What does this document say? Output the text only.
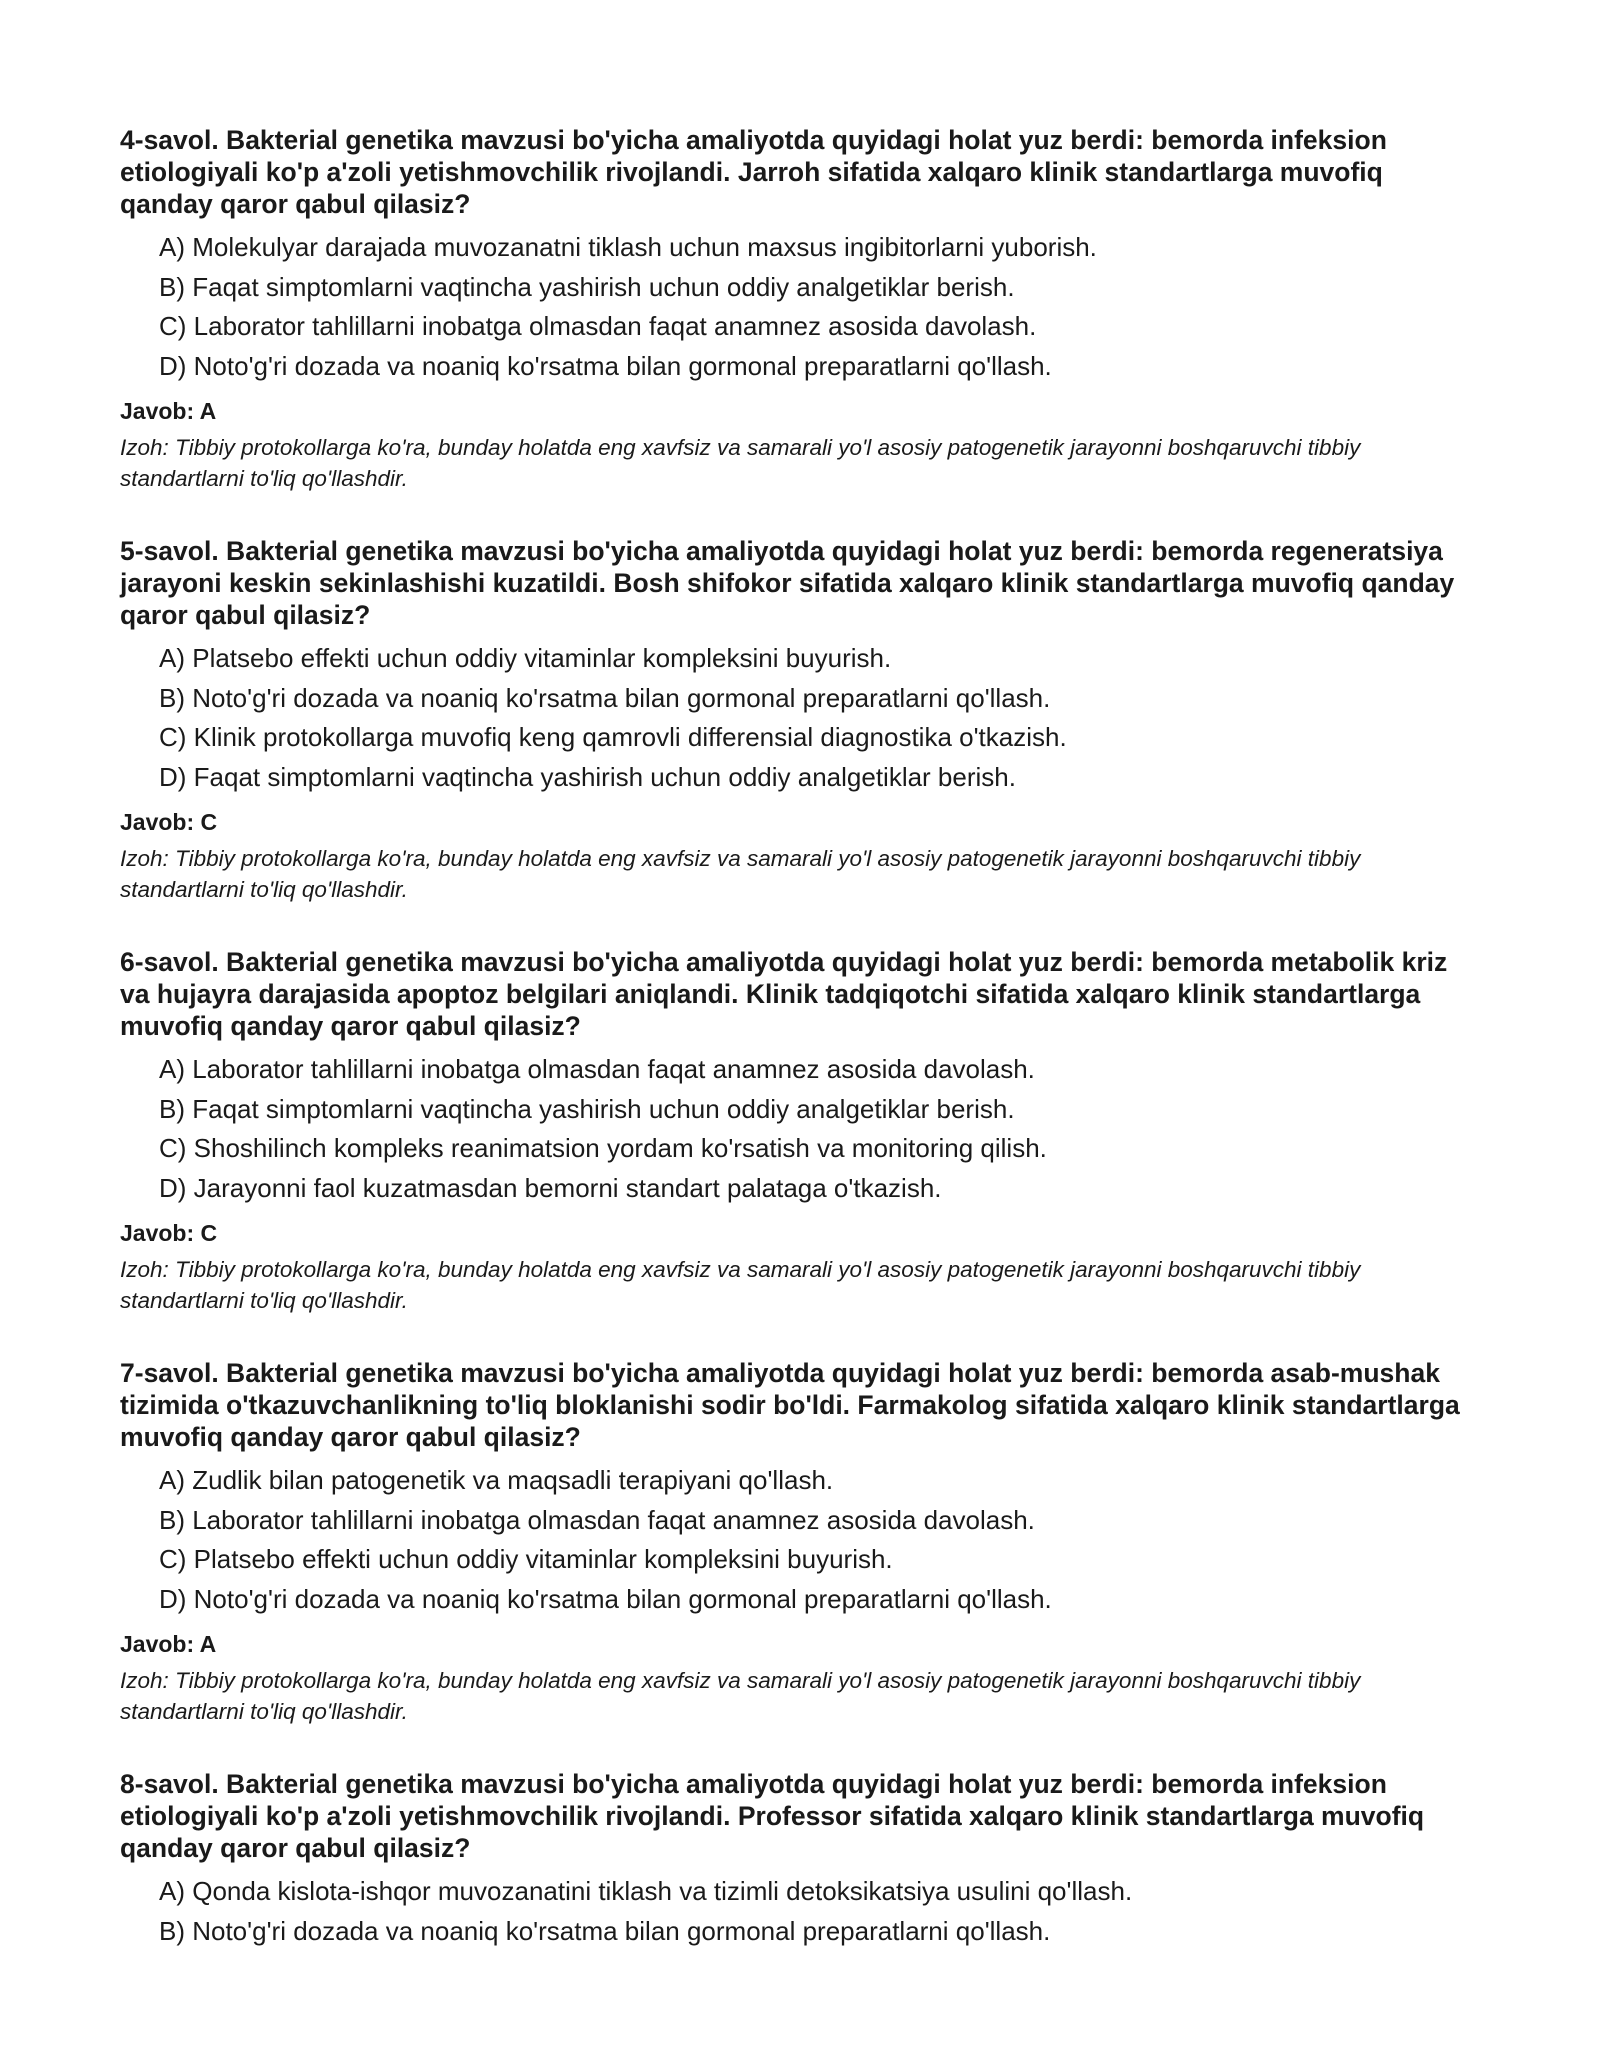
4-savol. Bakterial genetika mavzusi bo'yicha amaliyotda quyidagi holat yuz berdi: bemorda infeksion etiologiyali ko'p a'zoli yetishmovchilik rivojlandi. Jarroh sifatida xalqaro klinik standartlarga muvofiq qanday qaror qabul qilasiz?

A) Molekulyar darajada muvozanatni tiklash uchun maxsus ingibitorlarni yuborish.
B) Faqat simptomlarni vaqtincha yashirish uchun oddiy analgetiklar berish.
C) Laborator tahlillarni inobatga olmasdan faqat anamnez asosida davolash.
D) Noto'g'ri dozada va noaniq ko'rsatma bilan gormonal preparatlarni qo'llash.

Javob: A

Izoh: Tibbiy protokollarga ko'ra, bunday holatda eng xavfsiz va samarali yo'l asosiy patogenetik jarayonni boshqaruvchi tibbiy standartlarni to'liq qo'llashdir.

5-savol. Bakterial genetika mavzusi bo'yicha amaliyotda quyidagi holat yuz berdi: bemorda regeneratsiya jarayoni keskin sekinlashishi kuzatildi. Bosh shifokor sifatida xalqaro klinik standartlarga muvofiq qanday qaror qabul qilasiz?

A) Platsebo effekti uchun oddiy vitaminlar kompleksini buyurish.
B) Noto'g'ri dozada va noaniq ko'rsatma bilan gormonal preparatlarni qo'llash.
C) Klinik protokollarga muvofiq keng qamrovli differensial diagnostika o'tkazish.
D) Faqat simptomlarni vaqtincha yashirish uchun oddiy analgetiklar berish.

Javob: C

Izoh: Tibbiy protokollarga ko'ra, bunday holatda eng xavfsiz va samarali yo'l asosiy patogenetik jarayonni boshqaruvchi tibbiy standartlarni to'liq qo'llashdir.

6-savol. Bakterial genetika mavzusi bo'yicha amaliyotda quyidagi holat yuz berdi: bemorda metabolik kriz va hujayra darajasida apoptoz belgilari aniqlandi. Klinik tadqiqotchi sifatida xalqaro klinik standartlarga muvofiq qanday qaror qabul qilasiz?

A) Laborator tahlillarni inobatga olmasdan faqat anamnez asosida davolash.
B) Faqat simptomlarni vaqtincha yashirish uchun oddiy analgetiklar berish.
C) Shoshilinch kompleks reanimatsion yordam ko'rsatish va monitoring qilish.
D) Jarayonni faol kuzatmasdan bemorni standart palataga o'tkazish.

Javob: C

Izoh: Tibbiy protokollarga ko'ra, bunday holatda eng xavfsiz va samarali yo'l asosiy patogenetik jarayonni boshqaruvchi tibbiy standartlarni to'liq qo'llashdir.

7-savol. Bakterial genetika mavzusi bo'yicha amaliyotda quyidagi holat yuz berdi: bemorda asab-mushak tizimida o'tkazuvchanlikning to'liq bloklanishi sodir bo'ldi. Farmakolog sifatida xalqaro klinik standartlarga muvofiq qanday qaror qabul qilasiz?

A) Zudlik bilan patogenetik va maqsadli terapiyani qo'llash.
B) Laborator tahlillarni inobatga olmasdan faqat anamnez asosida davolash.
C) Platsebo effekti uchun oddiy vitaminlar kompleksini buyurish.
D) Noto'g'ri dozada va noaniq ko'rsatma bilan gormonal preparatlarni qo'llash.

Javob: A

Izoh: Tibbiy protokollarga ko'ra, bunday holatda eng xavfsiz va samarali yo'l asosiy patogenetik jarayonni boshqaruvchi tibbiy standartlarni to'liq qo'llashdir.

8-savol. Bakterial genetika mavzusi bo'yicha amaliyotda quyidagi holat yuz berdi: bemorda infeksion etiologiyali ko'p a'zoli yetishmovchilik rivojlandi. Professor sifatida xalqaro klinik standartlarga muvofiq qanday qaror qabul qilasiz?

A) Qonda kislota-ishqor muvozanatini tiklash va tizimli detoksikatsiya usulini qo'llash.
B) Noto'g'ri dozada va noaniq ko'rsatma bilan gormonal preparatlarni qo'llash.
